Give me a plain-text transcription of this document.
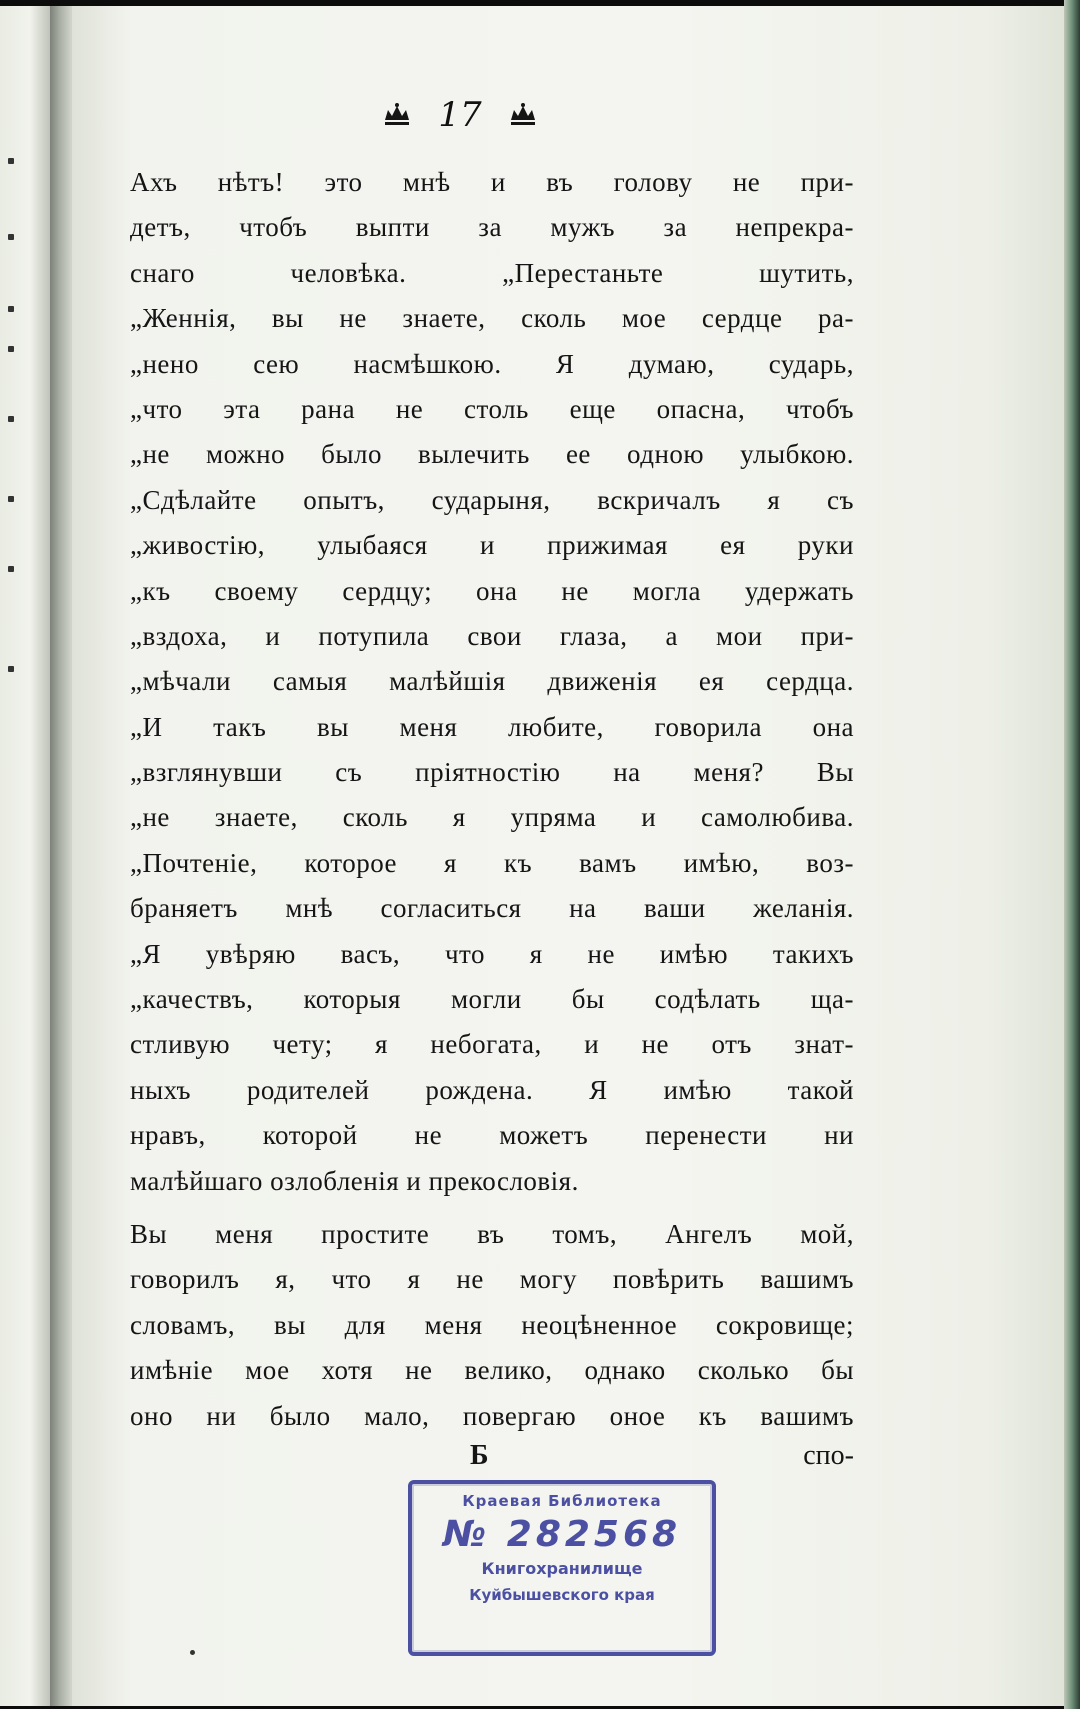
17
Ахъ нѣтъ! это мнѣ и въ голову не при-
детъ, чтобъ выпти за мужъ за непрекра-
снаго человѣка. „Перестаньте шутить,
„Женнія, вы не знаете, сколь мое сердце ра-
„нено сею насмѣшкою. Я думаю, сударь,
„что эта рана не столь еще опасна, чтобъ
„не можно было вылечить ее одною улыбкою.
„Сдѣлайте опытъ, сударыня, вскричалъ я съ
„живостію, улыбаяся и прижимая ея руки
„къ своему сердцу; она не могла удержать
„вздоха, и потупила свои глаза, а мои при-
„мѣчали самыя малѣйшія движенія ея сердца.
„И такъ вы меня любите, говорила она
„взглянувши съ пріятностію на меня? Вы
„не знаете, сколь я упряма и самолюбива.
„Почтеніе, которое я къ вамъ имѣю, воз-
браняетъ мнѣ согласиться на ваши желанія.
„Я увѣряю васъ, что я не имѣю такихъ
„качествъ, которыя могли бы содѣлать ща-
стливую чету; я небогата, и не отъ знат-
ныхъ родителей рождена. Я имѣю такой
нравъ, которой не можетъ перенести ни
малѣйшаго озлобленія и прекословія.
Вы меня простите въ томъ, Ангелъ мой,
говорилъ я, что я не могу повѣрить вашимъ
словамъ, вы для меня неоцѣненное сокровище;
имѣніе мое хотя не велико, однако сколько бы
оно ни было мало, повергаю оное къ вашимъ
Б	спо-
Краевая Библиотека
№ 282568
Книгохранилище
Куйбышевского края
